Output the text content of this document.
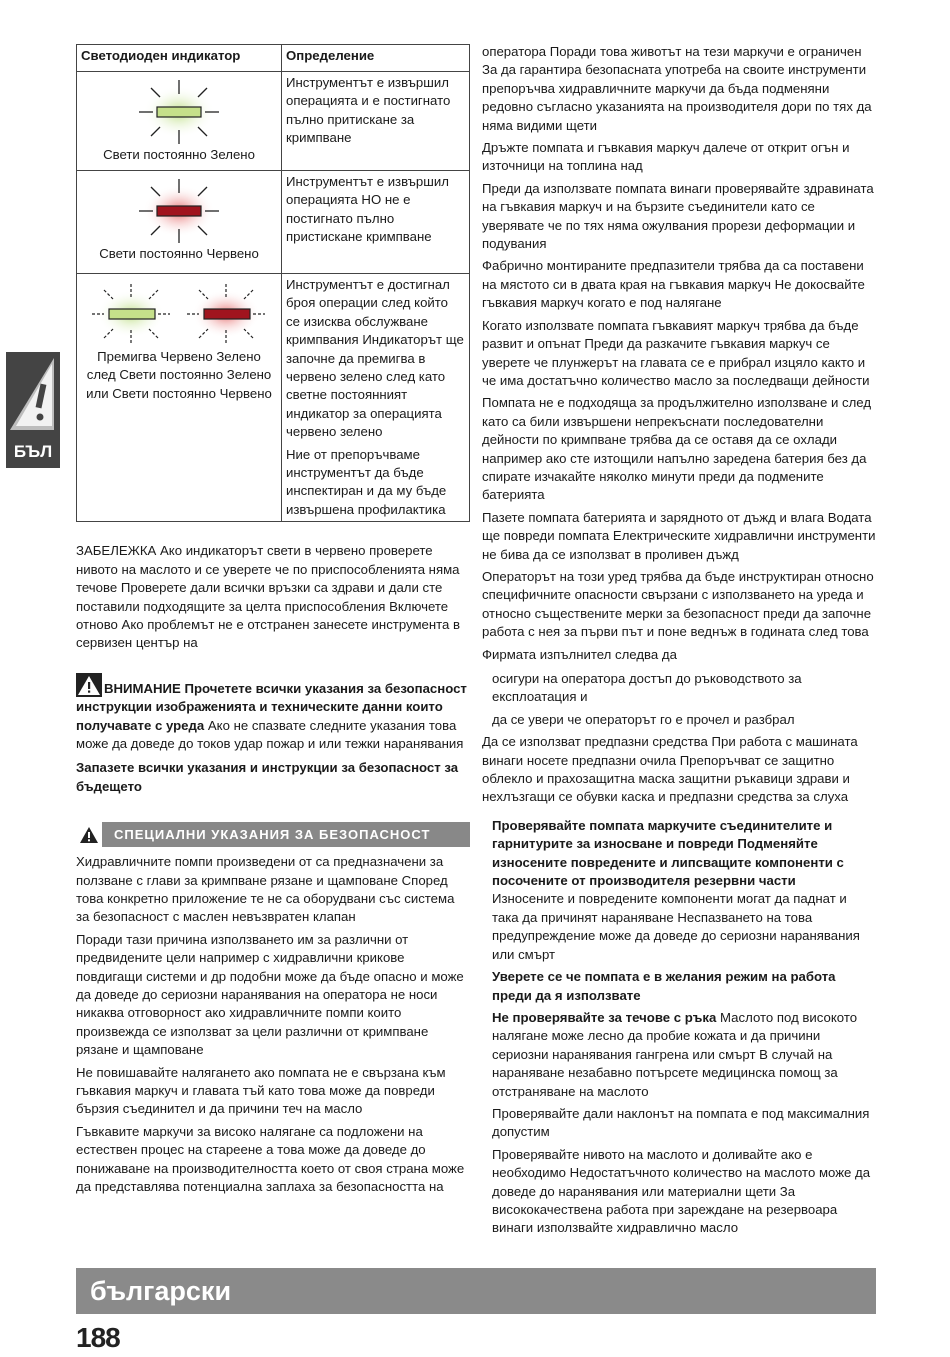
Светодиоден индикатор	Определение

Свети постоянно Зелено	Инструментът е извършил операцията и е постигнато пълно притискане за кримпване

Свети постоянно Червено	Инструментът е извършил операцията НО не е постигнато пълно пристискане кримпване

Премигва Червено Зелено след Свети постоянно Зелено или Свети постоянно Червено	Инструментът е достигнал броя операции след който се изисква обслужване кримпвания Индикаторът ще започне да премигва в червено зелено след като светне постоянният индикатор за операцията червено зелено
Ние от препоръчваме инструментът да бъде инспектиран и да му бъде извършена профилактика

ЗАБЕЛЕЖКА Ако индикаторът свети в червено проверете нивото на маслото и се уверете че по приспособленията няма течове Проверете дали всички връзки са здрави и дали сте поставили подходящите за целта приспособления Включете отново Ако проблемът не е отстранен занесете инструмента в сервизен център на

ВНИМАНИЕ Прочетете всички указания за безопасност инструкции изображенията и техническите данни които получавате с уреда Ако не спазвате следните указания това може да доведе до токов удар пожар и или тежки наранявания

Запазете всички указания и инструкции за безопасност за бъдещето

СПЕЦИАЛНИ УКАЗАНИЯ ЗА БЕЗОПАСНОСТ

Хидравличните помпи произведени от са предназначени за ползване с глави за кримпване рязане и щамповане Според това конкретно приложение те не са оборудвани със система за безопасност с маслен невъзвратен клапан

Поради тази причина използването им за различни от предвидените цели например с хидравлични крикове повдигащи системи и др подобни може да бъде опасно и може да доведе до сериозни наранявания на оператора не носи никаква отговорност ако хидравличните помпи които произвежда се използват за цели различни от кримпване рязане и щамповане

Не повишавайте налягането ако помпата не е свързана към гъвкавия маркуч и главата тъй като това може да повреди бързия съединител и да причини теч на масло

Гъвкавите маркучи за високо налягане са подложени на естествен процес на стареене а това може да доведе до понижаване на производителността което от своя страна може да представлява потенциална заплаха за безопасността на

оператора Поради това животът на тези маркучи е ограничен За да гарантира безопасната употреба на своите инструменти препоръчва хидравличните маркучи да бъда подменяни редовно съгласно указанията на производителя дори по тях да няма видими щети

Дръжте помпата и гъвкавия маркуч далече от открит огън и източници на топлина над

Преди да използвате помпата винаги проверявайте здравината на гъвкавия маркуч и на бързите съединители като се уверявате че по тях няма ожулвания прорези деформации и подувания

Фабрично монтираните предпазители трябва да са поставени на мястото си в двата края на гъвкавия маркуч Не докосвайте гъвкавия маркуч когато е под налягане

Когато използвате помпата гъвкавият маркуч трябва да бъде развит и опънат Преди да разкачите гъвкавия маркуч се уверете че плунжерът на главата се е прибрал изцяло както и че има достатъчно количество масло за последващи дейности

Помпата не е подходяща за продължително използване и след като са били извършени непрекъснати последователни дейности по кримпване трябва да се оставя да се охлади например ако сте изтощили напълно заредена батерия без да спирате изчакайте няколко минути преди да подмените батерията

Пазете помпата батерията и зарядното от дъжд и влага Водата ще повреди помпата Електрическите хидравлични инструменти не бива да се използват в проливен дъжд

Операторът на този уред трябва да бъде инструктиран относно специфичните опасности свързани с използването на уреда и относно съществените мерки за безопасност преди да започне работа с нея за първи път и поне веднъж в годината след това

Фирмата изпълнител следва да

осигури на оператора достъп до ръководството за експлоатация и

да се увери че операторът го е прочел и разбрал

Да се използват предпазни средства При работа с машината винаги носете предпазни очила Препоръчват се защитно облекло и прахозащитна маска защитни ръкавици здрави и нехлъзгащи се обувки каска и предпазни средства за слуха

Проверявайте помпата маркучите съединителите и гарнитурите за износване и повреди Подменяйте износените повредените и липсващите компоненти с посочените от производителя резервни части

Износените и повредените компоненти могат да паднат и така да причинят нараняване Неспазването на това предупреждение може да доведе до сериозни наранявания или смърт

Уверете се че помпата е в желания режим на работа преди да я използвате

Не проверявайте за течове с ръка Маслото под високото налягане може лесно да пробие кожата и да причини сериозни наранявания гангрена или смърт В случай на нараняване незабавно потърсете медицинска помощ за отстраняване на маслото

Проверявайте дали наклонът на помпата е под максималния допустим

Проверявайте нивото на маслото и доливайте ако е необходимо Недостатъчното количество на маслото може да доведе до наранявания или материални щети За висококачествена работа при зареждане на резервоара винаги използвайте хидравлично масло

БЪЛ
български
188
